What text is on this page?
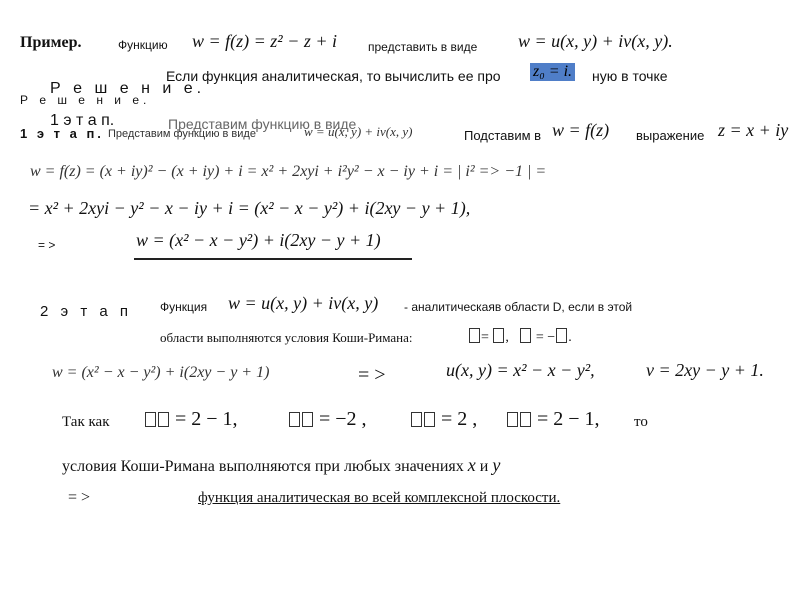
Пример.	Функцию w = f(z) = z² − z + i	представить в виде w = u(x, y) + iv(x, y).
Если функция аналитическая, то вычислить ее про z₀ = i. ную в точке
Р е ш е н и е.
Р е ш е н и е.
1 э т а п.	Представим функцию в виде
1 э т а п. Представим функцию в виде	w = u(x, y) + iv(x, y)	Подставим в w = f(z) выражение z = x + iy
w = f(z) = (x + iy)² − (x + iy) + i = x² + 2xyi + i²y² − x − iy + i = | i² => −1 | =
= x² + 2xyi − y² − x − iy + i = (x² − x − y²) + i(2xy − y + 1),
= >	w = (x² − x − y²) + i(2xy − y + 1)
2 э т а п Функция w = u(x, y) + iv(x, y) - аналитическаяв области D, если в этой
области выполняются условия Коши-Римана:	= ,    = − .
w = (x² − x − y²) + i(2xy − y + 1)	= >	u(x, y) = x² − x − y²,	v = 2xy − y + 1.
Так как	= 2 − 1,	= −2 ,	= 2 ,	= 2 − 1, то
условия Коши-Римана выполняются при любых значениях x и y
= >	функция аналитическая во всей комплексной плоскости.
